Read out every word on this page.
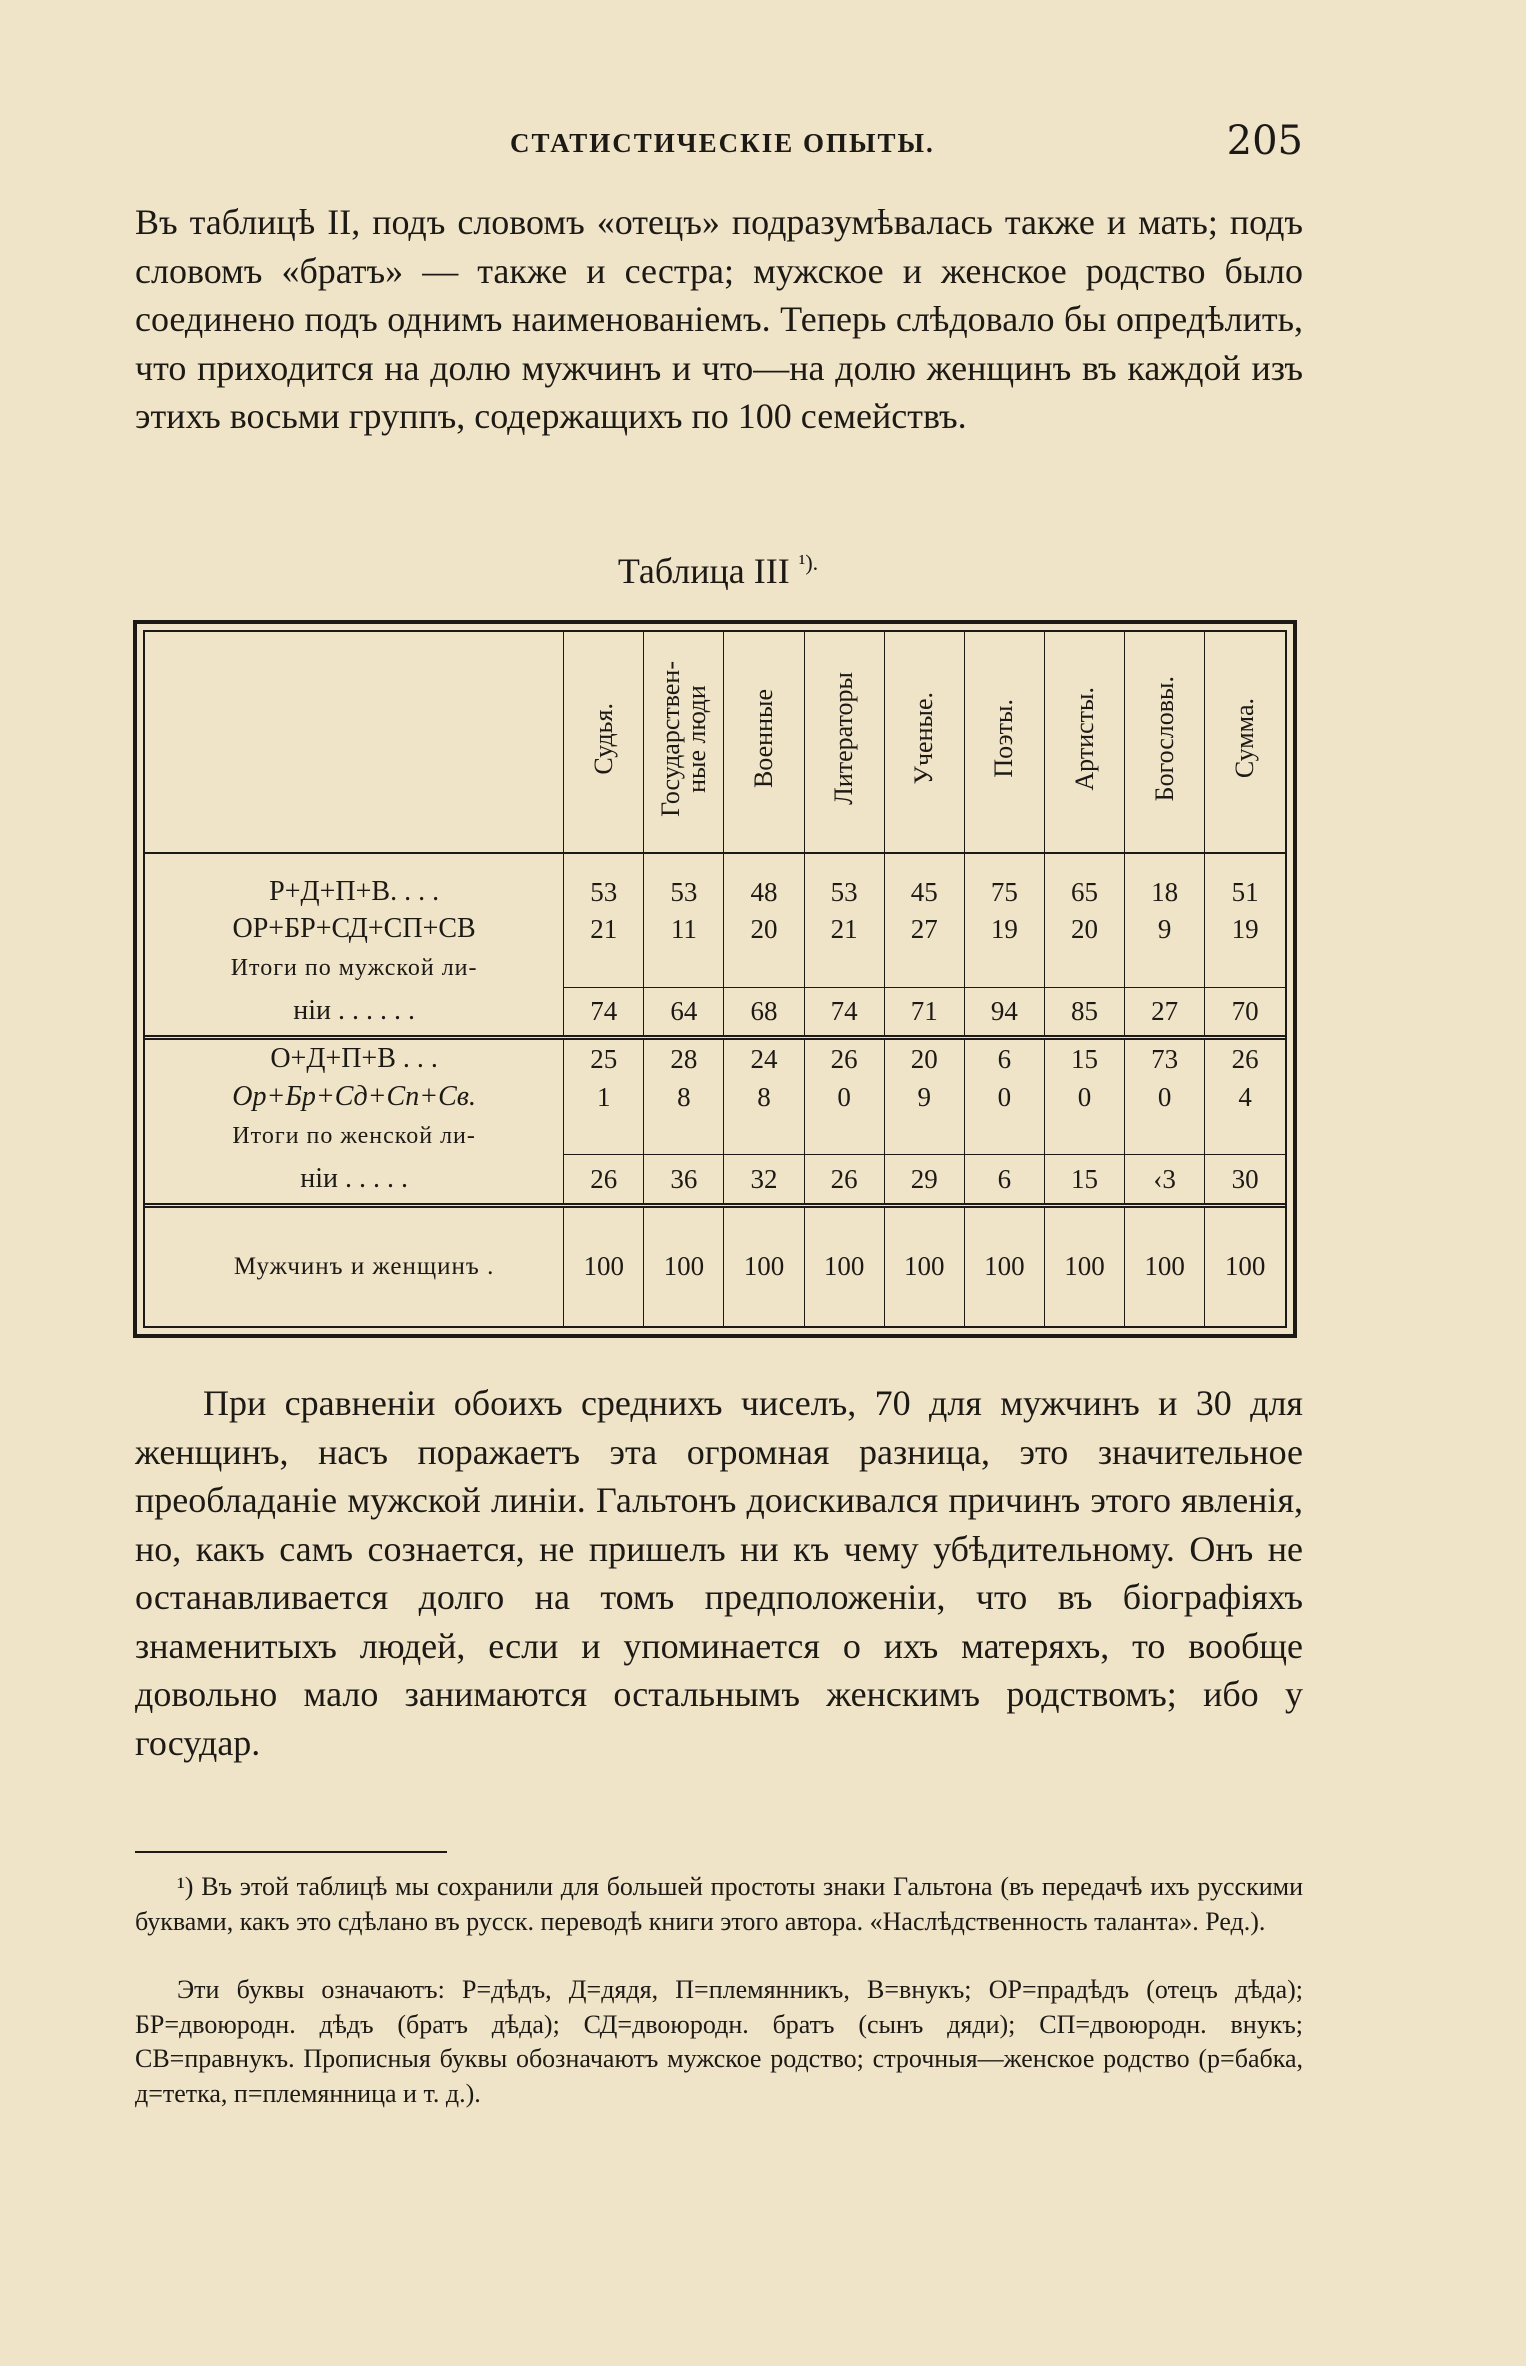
СТАТИСТИЧЕСКІЕ ОПЫТЫ.	205

Въ таблицѣ II, подъ словомъ «отецъ» подразумѣвалась также и мать; подъ словомъ «братъ» — также и сестра; мужское и женское родство было соединено подъ однимъ наименованіемъ. Теперь слѣдовало бы опредѣлить, что приходится на долю мужчинъ и что—на долю женщинъ въ каждой изъ этихъ восьми группъ, содержащихъ по 100 семействъ.

Таблица III $^{^1).}$
	Судья.	Государствен-
ные люди	Военные	Литераторы	Ученые.	Поэты.	Артисты.	Богословы.	Сумма.

Р+Д+П+В. . . .	53	53	48	53	45	75	65	18	51
ОР+БР+СД+СП+СВ	21	11	20	21	27	19	20	9	19
Итоги по мужской ли-									
ніи . . . . . .	74	64	68	74	71	94	85	27	70
О+Д+П+В . . .	25	28	24	26	20	6	15	73	26
Ор+Бр+Сд+Сп+Св.	1	8	8	0	9	0	0	0	4
Итоги по женской ли-									
ніи . . . . .	26	36	32	26	29	6	15	‹3	30
Мужчинъ и женщинъ .	100	100	100	100	100	100	100	100	100

При сравненіи обоихъ среднихъ чиселъ, 70 для мужчинъ и 30 для женщинъ, насъ поражаетъ эта огромная разница, это значительное преобладаніе мужской линіи. Гальтонъ доискивался причинъ этого явленія, но, какъ самъ сознается, не пришелъ ни къ чему убѣдительному. Онъ не останавливается долго на томъ предположеніи, что въ біографіяхъ знаменитыхъ людей, если и упоминается о ихъ матеряхъ, то вообще довольно мало занимаются остальнымъ женскимъ родствомъ; ибо у государ.

¹) Въ этой таблицѣ мы сохранили для большей простоты знаки Гальтона (въ передачѣ ихъ русскими буквами, какъ это сдѣлано въ русск. переводѣ книги этого автора. «Наслѣдственность таланта». Ред.).

Эти буквы означаютъ: Р=дѣдъ, Д=дядя, П=племянникъ, В=внукъ; ОР=прадѣдъ (отецъ дѣда); БР=двоюродн. дѣдъ (братъ дѣда); СД=двоюродн. братъ (сынъ дяди); СП=двоюродн. внукъ; СВ=правнукъ. Прописныя буквы обозначаютъ мужское родство; строчныя—женское родство (р=бабка, д=тетка, п=племянница и т. д.).
